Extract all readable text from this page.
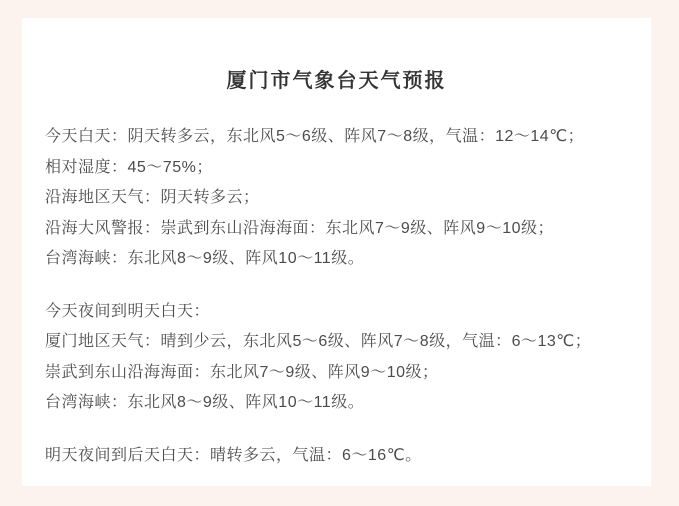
厦门市气象台天气预报

今天白天：阴天转多云，东北风5～6级、阵风7～8级，气温：12～14℃；

相对湿度：45～75%；

沿海地区天气：阴天转多云；

沿海大风警报：崇武到东山沿海海面：东北风7～9级、阵风9～10级；

台湾海峡：东北风8～9级、阵风10～11级。

今天夜间到明天白天：

厦门地区天气：晴到少云，东北风5～6级、阵风7～8级，气温：6～13℃；

崇武到东山沿海海面：东北风7～9级、阵风9～10级；

台湾海峡：东北风8～9级、阵风10～11级。

明天夜间到后天白天：晴转多云，气温：6～16℃。
